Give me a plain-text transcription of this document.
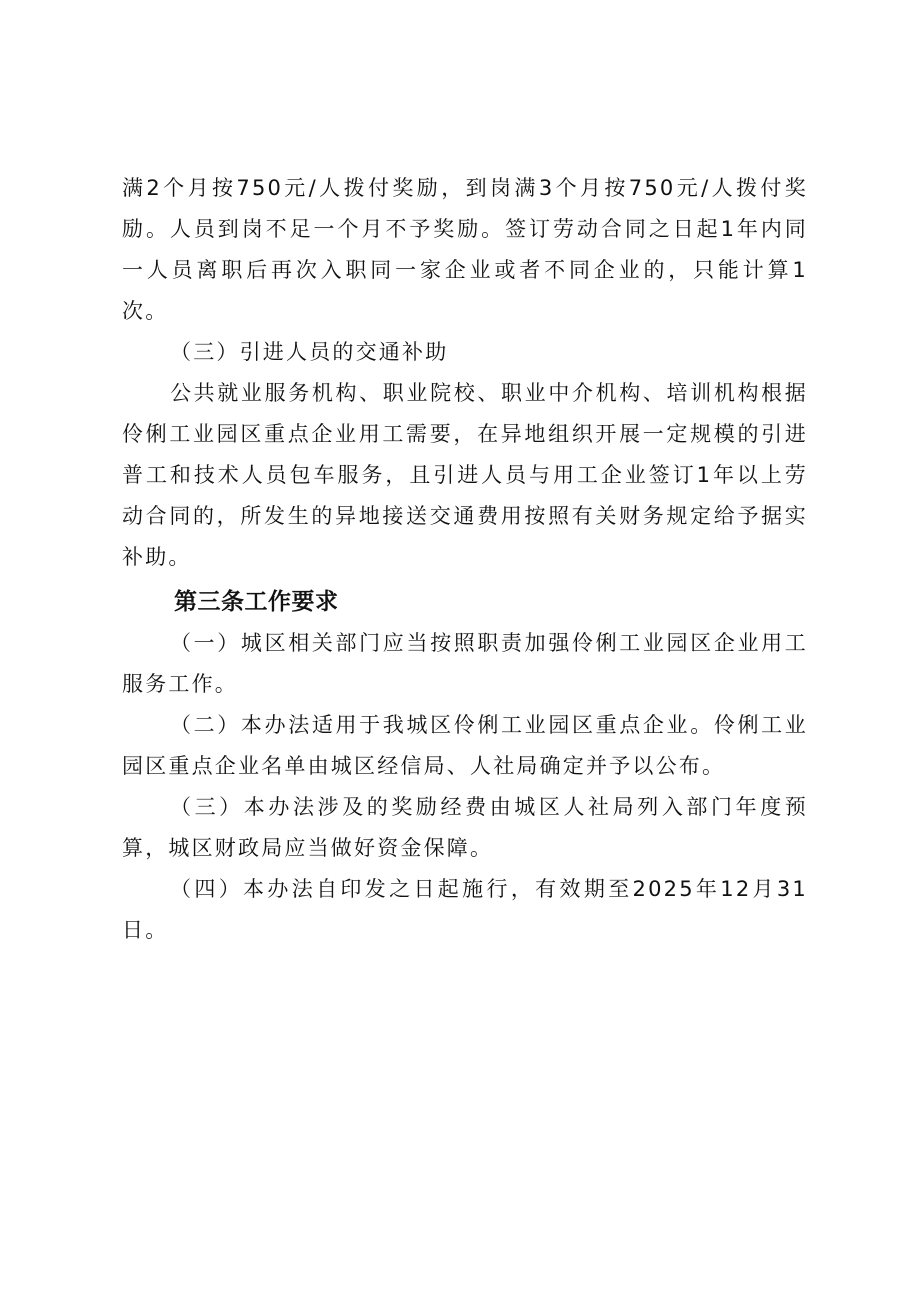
满2个月按750元/人拨付奖励，到岗满3个月按750元/人拨付奖励。人员到岗不足一个月不予奖励。签订劳动合同之日起1年内同一人员离职后再次入职同一家企业或者不同企业的，只能计算1次。

（三）引进人员的交通补助

公共就业服务机构、职业院校、职业中介机构、培训机构根据伶俐工业园区重点企业用工需要，在异地组织开展一定规模的引进普工和技术人员包车服务，且引进人员与用工企业签订1年以上劳动合同的，所发生的异地接送交通费用按照有关财务规定给予据实补助。

第三条工作要求

（一）城区相关部门应当按照职责加强伶俐工业园区企业用工服务工作。

（二）本办法适用于我城区伶俐工业园区重点企业。伶俐工业园区重点企业名单由城区经信局、人社局确定并予以公布。

（三）本办法涉及的奖励经费由城区人社局列入部门年度预算，城区财政局应当做好资金保障。

（四）本办法自印发之日起施行，有效期至2025年12月31日。
